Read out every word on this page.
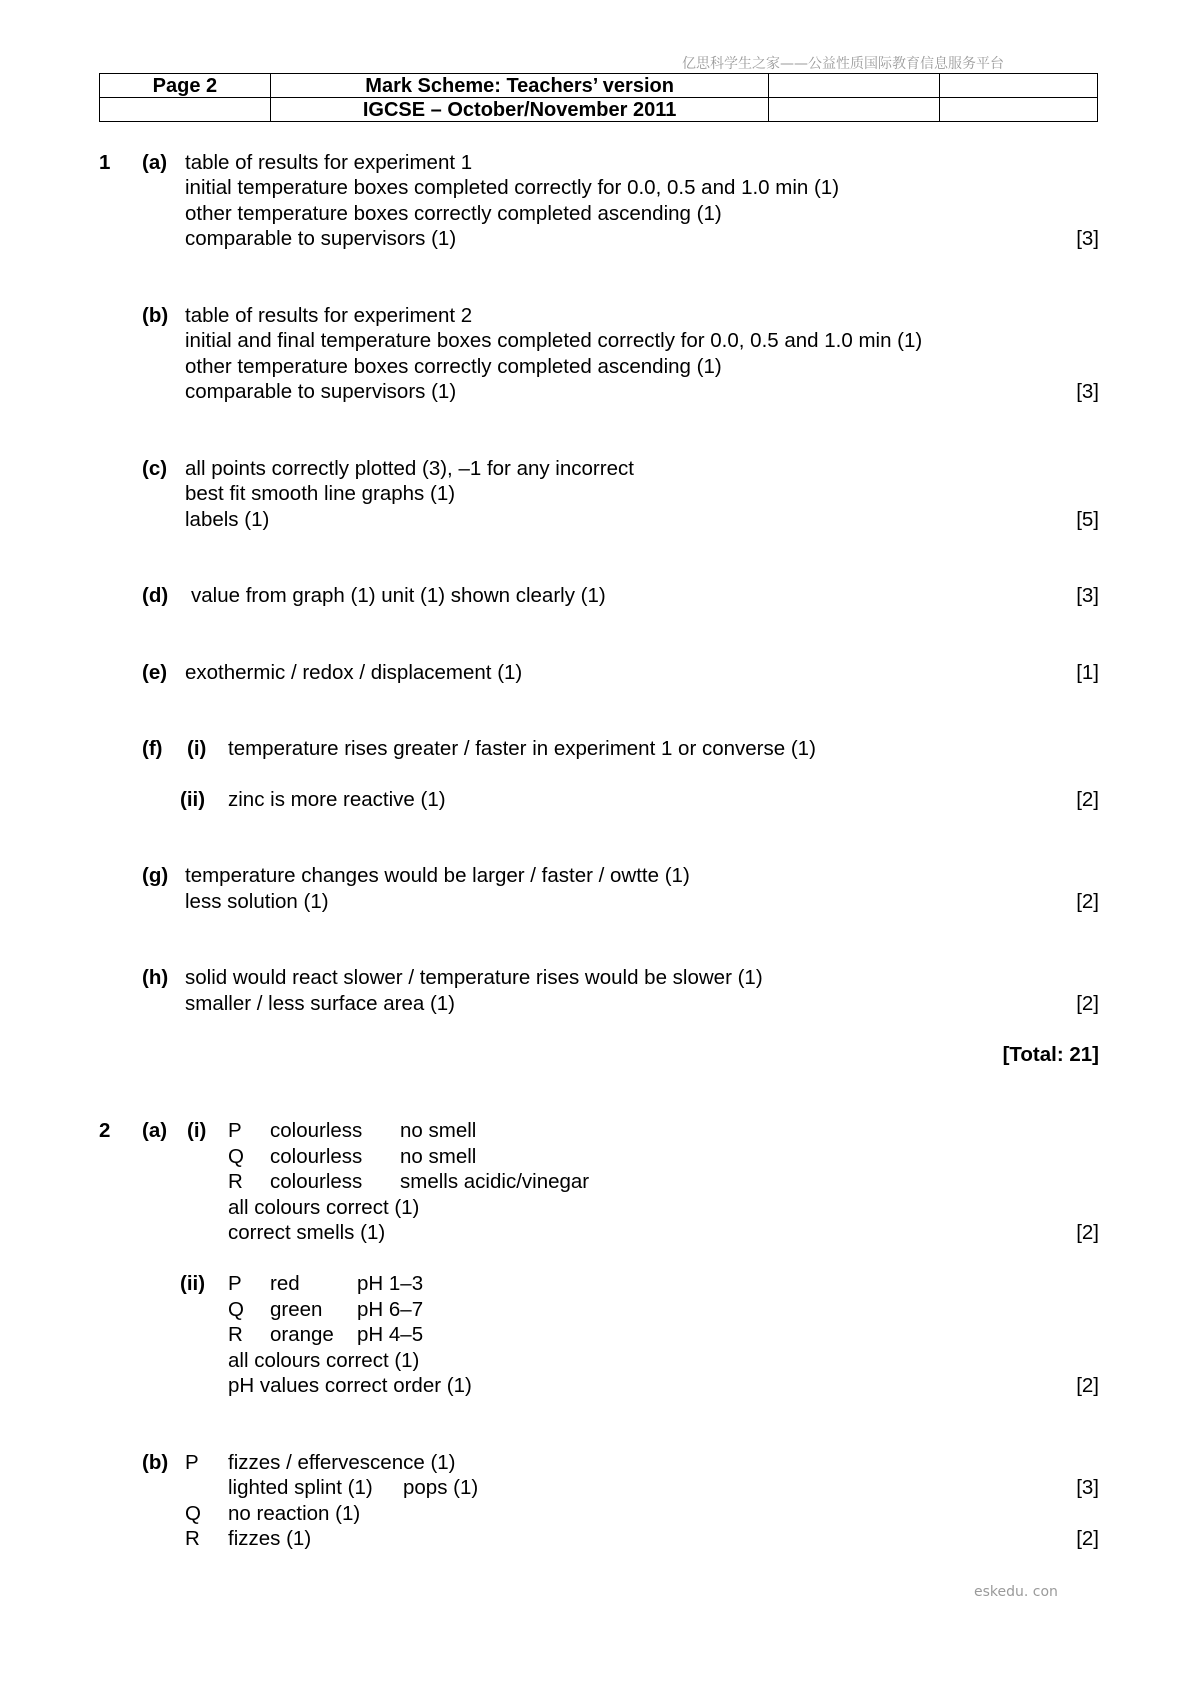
亿思科学生之家——公益性质国际教育信息服务平台
Page 2	Mark Scheme: Teachers’ version		
	IGCSE – October/November 2011		
1 (a) table of results for experiment 1
initial temperature boxes completed correctly for 0.0, 0.5 and 1.0 min (1)
other temperature boxes correctly completed ascending (1)
comparable to supervisors (1)	[3]
(b) table of results for experiment 2
initial and final temperature boxes completed correctly for 0.0, 0.5 and 1.0 min (1)
other temperature boxes correctly completed ascending (1)
comparable to supervisors (1)	[3]
(c) all points correctly plotted (3), –1 for any incorrect
best fit smooth line graphs (1)
labels (1)	[5]
(d) value from graph (1) unit (1) shown clearly (1)	[3]
(e) exothermic / redox / displacement (1)	[1]
(f) (i) temperature rises greater / faster in experiment 1 or converse (1)
(ii) zinc is more reactive (1)	[2]
(g) temperature changes would be larger / faster / owtte (1)
less solution (1)	[2]
(h) solid would react slower / temperature rises would be slower (1)
smaller / less surface area (1)	[2]
[Total: 21]
2 (a) (i) P colourless no smell
Q colourless no smell
R colourless smells acidic/vinegar
all colours correct (1)
correct smells (1)	[2]
(ii) P red	pH 1–3
Q green pH 6–7
R orange pH 4–5
all colours correct (1)
pH values correct order (1)	[2]
(b) P fizzes / effervescence (1)
lighted splint (1) pops (1)	[3]
Q no reaction (1)
R fizzes (1)	[2]
eskedu. con
